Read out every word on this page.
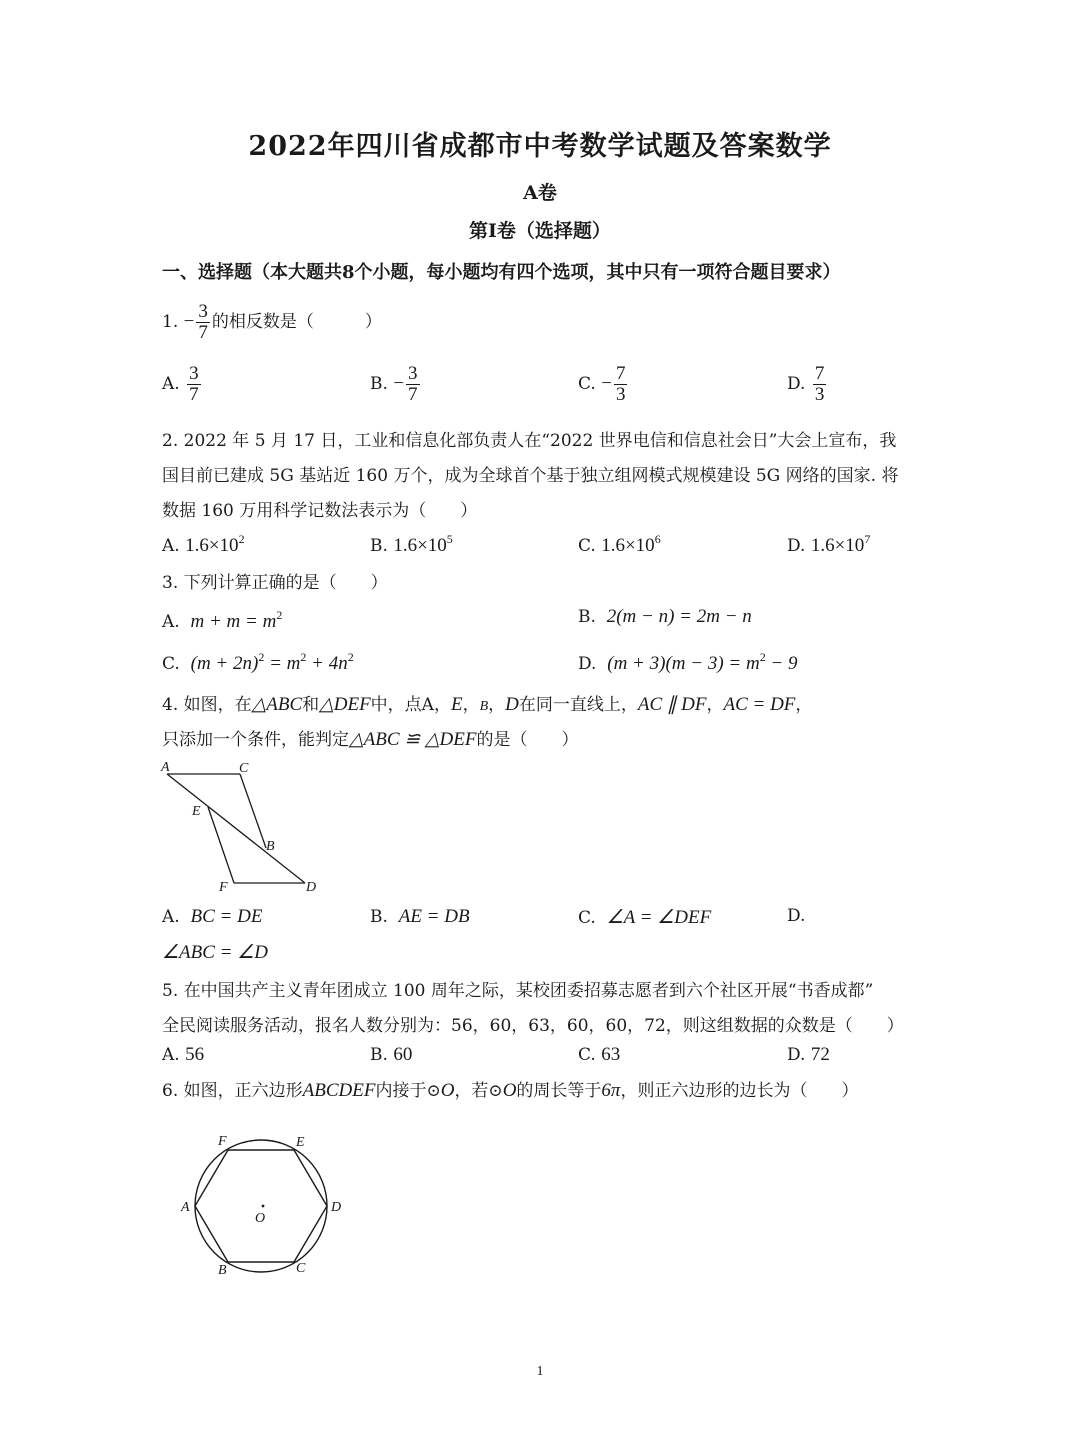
2022年四川省成都市中考数学试题及答案数学
A卷
第Ⅰ卷（选择题）
一、选择题（本大题共8个小题，每小题均有四个选项，其中只有一项符合题目要求）
1. − $\frac{3}{7}$ 的相反数是（　　　）
A. $\frac{3}{7}$	B. − $\frac{3}{7}$	C. − $\frac{7}{3}$	D. $\frac{7}{3}$
2. 2022 年 5 月 17 日，工业和信息化部负责人在“2022 世界电信和信息社会日”大会上宣布，我
国目前已建成 5G 基站近 160 万个，成为全球首个基于独立组网模式规模建设 5G 网络的国家. 将
数据 160 万用科学记数法表示为（　　）
A. $1.6\times 10^2$	B. $1.6\times 10^5$	C. $1.6\times 10^6$	D. $1.6\times 10^7$
3. 下列计算正确的是（　　）
A. $m + m = m^2$	B. 2(m − n) = 2m − n
C. $(m + 2n)^2 = m^2 + 4n^2$	D. $(m + 3)(m - 3) = m^2 - 9$
4. 如图，在△ABC和△DEF中，点A，E，B，D在同一直线上，AC ∥ DF，AC = DF，
只添加一个条件，能判定△ABC ≌ △DEF的是（　　）
A	C
E
B
F	D
A. BC = DE	B. AE = DB	C. ∠A = ∠DEF	D.
∠ABC = ∠D
5. 在中国共产主义青年团成立 100 周年之际，某校团委招募志愿者到六个社区开展“书香成都”
全民阅读服务活动，报名人数分别为：56，60，63，60，60，72，则这组数据的众数是（　　）
A. 56	B. 60	C. 63	D. 72
6. 如图，正六边形ABCDEF内接于⊙O，若⊙O的周长等于6π，则正六边形的边长为（　　）
F	E
A
O
D
B	C
1
